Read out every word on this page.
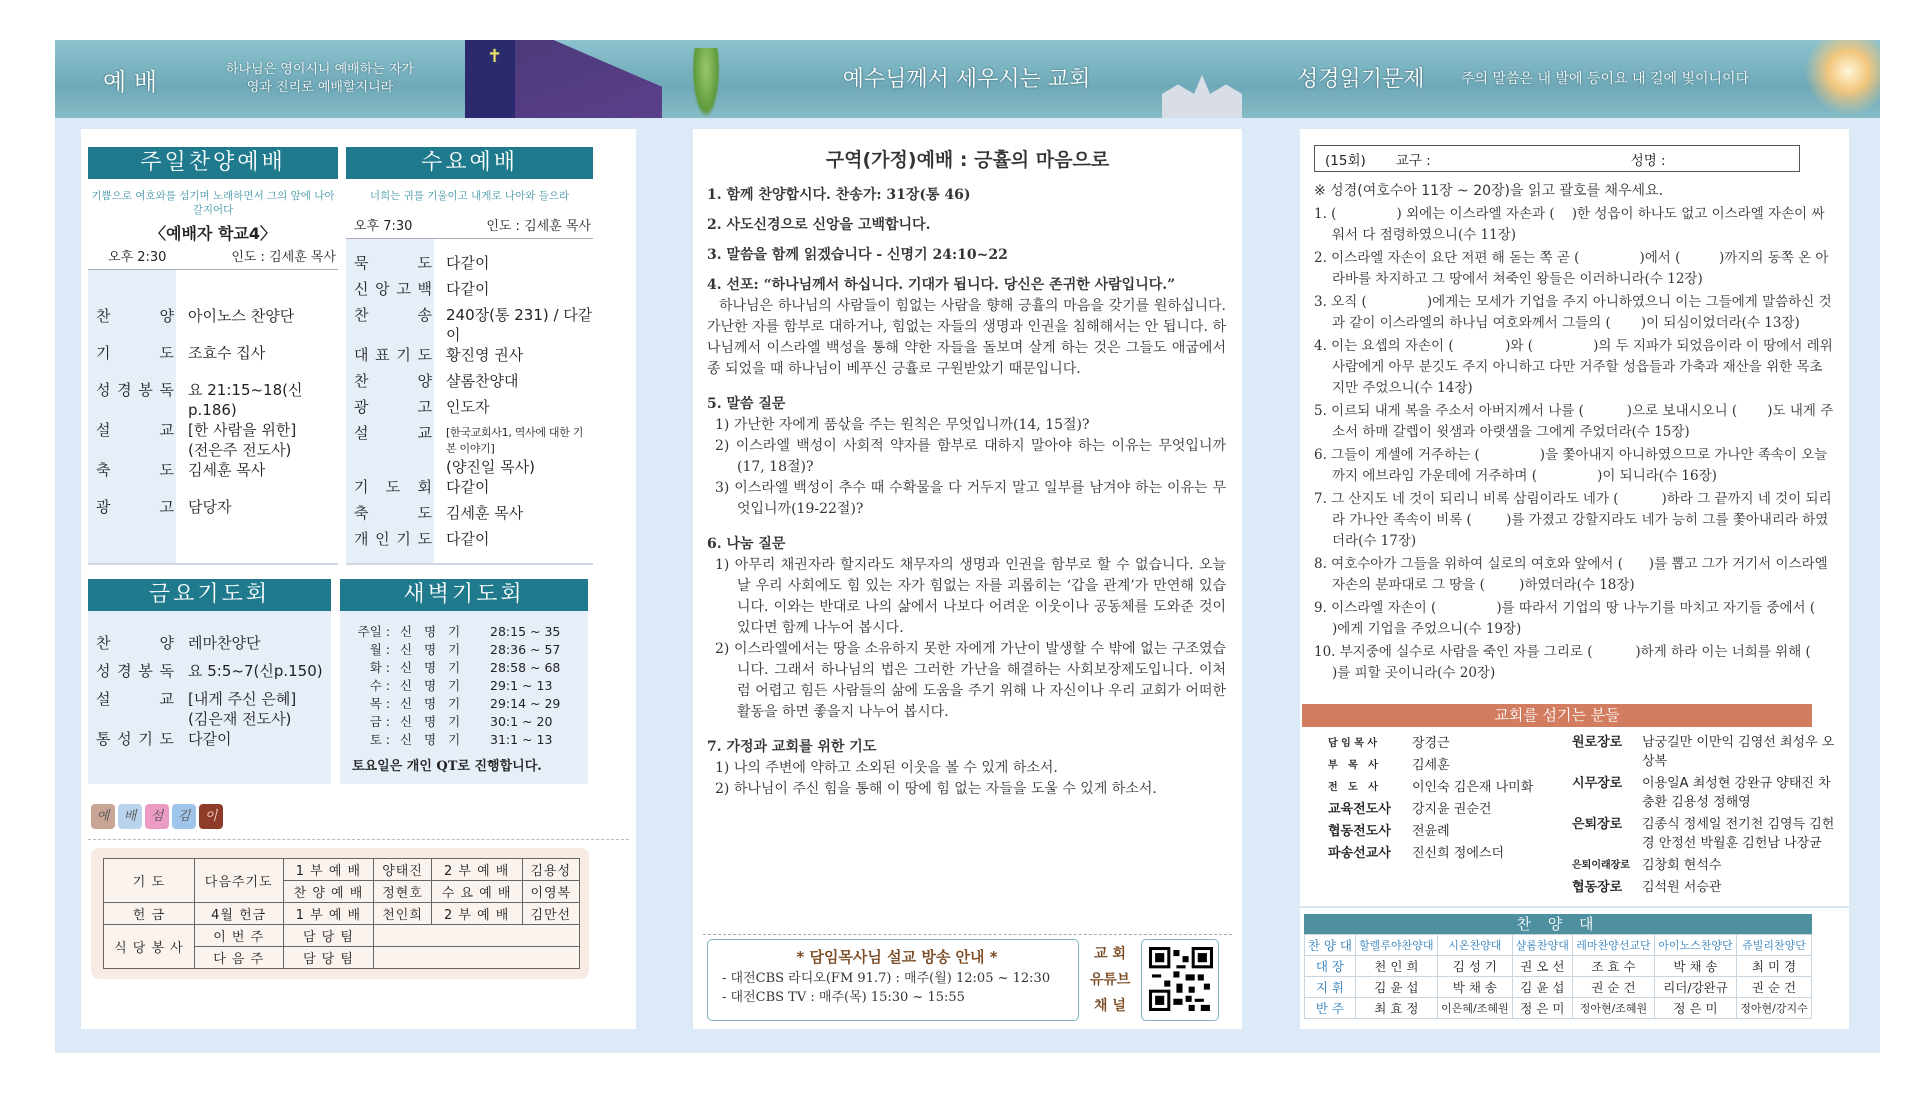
예 배	하나님은 영이시니 예배하는 자가
영과 진리로 예배할지니라
✝
예수님께서 세우시는 교회	성경읽기문제	주의 말씀은 내 발에 등이요 내 길에 빛이니이다
주일찬양예배
기쁨으로 여호와를 섬기며 노래하면서 그의 앞에 나아갈지어다
〈예배자 학교4〉
오후 2:30	인도 : 김세훈 목사
찬	양 아이노스 찬양단
기	도 조효수 집사
성 경 봉 독 요 21:15~18(신p.186)
설	교 [한 사람을 위한]
(전은주 전도사)
축	도 김세훈 목사
광	고 담당자
수요예배
너희는 귀를 기울이고 내게로 나아와 들으라
오후 7:30	인도 : 김세훈 목사
묵	도 다같이
신 앙 고 백 다같이
찬	송 240장(통 231) / 다같이
대 표 기 도 황진영 권사
찬	양 샬롬찬양대
광	고 인도자
설	교 [한국교회사1, 역사에 대한 기본 이야기]
(양진일 목사)
기 도 회 다같이
축	도 김세훈 목사
개 인 기 도 다같이
금요기도회
찬	양 레마찬양단
성 경 봉 독 요 5:5~7(신p.150)
설	교 [내게 주신 은혜]
(김은재 전도사)
통 성 기 도 다같이
새벽기도회
주일 : 신 명 기	28:15 ~ 35
월 : 신 명 기	28:36 ~ 57
화 : 신 명 기	28:58 ~ 68
수 : 신 명 기	29:1 ~ 13
목 : 신 명 기	29:14 ~ 29
금 : 신 명 기	30:1 ~ 20
토 : 신 명 기	31:1 ~ 13
토요일은 개인 QT로 진행합니다.
예	배	섬	김	이
기 도	다음주기도	1 부 예 배	양태진	2 부 예 배	김용성
		찬 양 예 배	정현호	수 요 예 배	이영복
헌 금	4월 헌금	1 부 예 배	천인희	2 부 예 배	김만선
식 당 봉 사	이 번 주	담 당 팀			
	다 음 주	담 당 팀			
구역(가정)예배 : 긍휼의 마음으로
1. 함께 찬양합시다. 찬송가: 31장(통 46)
2. 사도신경으로 신앙을 고백합니다.
3. 말씀을 함께 읽겠습니다 - 신명기 24:10~22
4. 선포: “하나님께서 하십니다. 기대가 됩니다. 당신은 존귀한 사람입니다.”
하나님은 하나님의 사람들이 힘없는 사람을 향해 긍휼의 마음을 갖기를 원하십니다. 가난한 자를 함부로 대하거나, 힘없는 자들의 생명과 인권을 침해해서는 안 됩니다. 하나님께서 이스라엘 백성을 통해 약한 자들을 돌보며 살게 하는 것은 그들도 애굽에서 종 되었을 때 하나님이 베푸신 긍휼로 구원받았기 때문입니다.
5. 말씀 질문
1) 가난한 자에게 품삯을 주는 원칙은 무엇입니까(14, 15절)?
2) 이스라엘 백성이 사회적 약자를 함부로 대하지 말아야 하는 이유는 무엇입니까(17, 18절)?
3) 이스라엘 백성이 추수 때 수확물을 다 거두지 말고 일부를 남겨야 하는 이유는 무엇입니까(19-22절)?
6. 나눔 질문
1) 아무리 채권자라 할지라도 채무자의 생명과 인권을 함부로 할 수 없습니다. 오늘날 우리 사회에도 힘 있는 자가 힘없는 자를 괴롭히는 ‘갑을 관계’가 만연해 있습니다. 이와는 반대로 나의 삶에서 나보다 어려운 이웃이나 공동체를 도와준 것이 있다면 함께 나누어 봅시다.
2) 이스라엘에서는 땅을 소유하지 못한 자에게 가난이 발생할 수 밖에 없는 구조였습니다. 그래서 하나님의 법은 그러한 가난을 해결하는 사회보장제도입니다. 이처럼 어렵고 힘든 사람들의 삶에 도움을 주기 위해 나 자신이나 우리 교회가 어떠한 활동을 하면 좋을지 나누어 봅시다.
7. 가정과 교회를 위한 기도
1) 나의 주변에 약하고 소외된 이웃을 볼 수 있게 하소서.
2) 하나님이 주신 힘을 통해 이 땅에 힘 없는 자들을 도울 수 있게 하소서.
* 담임목사님 설교 방송 안내 *
- 대전CBS 라디오(FM 91.7) : 매주(월) 12:05 ~ 12:30
- 대전CBS TV : 매주(목) 15:30 ~ 15:55
교 회
유튜브
채 널
(15회) 교구 :	성명 :
※ 성경(여호수아 11장 ~ 20장)을 읽고 괄호를 채우세요.
1. (              ) 외에는 이스라엘 자손과 (    )한 성읍이 하나도 없고 이스라엘 자손이 싸워서 다 점령하였으니(수 11장)
2. 이스라엘 자손이 요단 저편 해 돋는 쪽 곧 (              )에서 (         )까지의 동쪽 온 아라바를 차지하고 그 땅에서 쳐죽인 왕들은 이러하니라(수 12장)
3. 오직 (              )에게는 모세가 기업을 주지 아니하였으니 이는 그들에게 말씀하신 것과 같이 이스라엘의 하나님 여호와께서 그들의 (       )이 되심이었더라(수 13장)
4. 이는 요셉의 자손이 (            )와 (              )의 두 지파가 되었음이라 이 땅에서 레위 사람에게 아무 분깃도 주지 아니하고 다만 거주할 성읍들과 가축과 재산을 위한 목초지만 주었으니(수 14장)
5. 이르되 내게 복을 주소서 아버지께서 나를 (          )으로 보내시오니 (       )도 내게 주소서 하매 갈렙이 윗샘과 아랫샘을 그에게 주었더라(수 15장)
6. 그들이 게셀에 거주하는 (              )을 쫓아내지 아니하였으므로 가나안 족속이 오늘까지 에브라임 가운데에 거주하며 (              )이 되니라(수 16장)
7. 그 산지도 네 것이 되리니 비록 삼림이라도 네가 (          )하라 그 끝까지 네 것이 되리라 가나안 족속이 비록 (        )를 가졌고 강할지라도 네가 능히 그를 쫓아내리라 하였더라(수 17장)
8. 여호수아가 그들을 위하여 실로의 여호와 앞에서 (      )를 뽑고 그가 거기서 이스라엘 자손의 분파대로 그 땅을 (        )하였더라(수 18장)
9. 이스라엘 자손이 (              )를 따라서 기업의 땅 나누기를 마치고 자기들 중에서 (              )에게 기업을 주었으니(수 19장)
10. 부지중에 실수로 사람을 죽인 자를 그리로 (          )하게 하라 이는 너희를 위해 (              )를 피할 곳이니라(수 20장)
교회를 섬기는 분들
담 임 목 사	장경근
부   목   사	김세훈
전   도   사	이인숙 김은재 나미화
교육전도사	강지윤 권순건
협동전도사	전윤례
파송선교사	진신희 정에스더
원로장로	남궁길만 이만익 김영선 최성우 오상복
시무장로	이용일A 최성현 강완규 양태진 차충환 김용성 정해영
은퇴장로	김종식 정세일 전기천 김영득 김헌경 안정선 박월훈 김헌남 나장균
은퇴이래장로 김창회 현석수
협동장로	김석원 서승관
찬 양 대
찬 양 대	할렐루야찬양대	시온찬양대	샬롬찬양대	레마찬양선교단	아이노스찬양단	쥬빌리찬양단
대 장	천 인 희	김 성 기	권 오 선	조 효 수	박 채 송	최 미 경
지 휘	김 윤 섭	박 채 송	김 윤 섭	권 순 건	리더/강완규	권 순 건
반 주	최 효 정	이은혜/조혜원	정 은 미	정아현/조혜원	정 은 미	정아현/강지수
